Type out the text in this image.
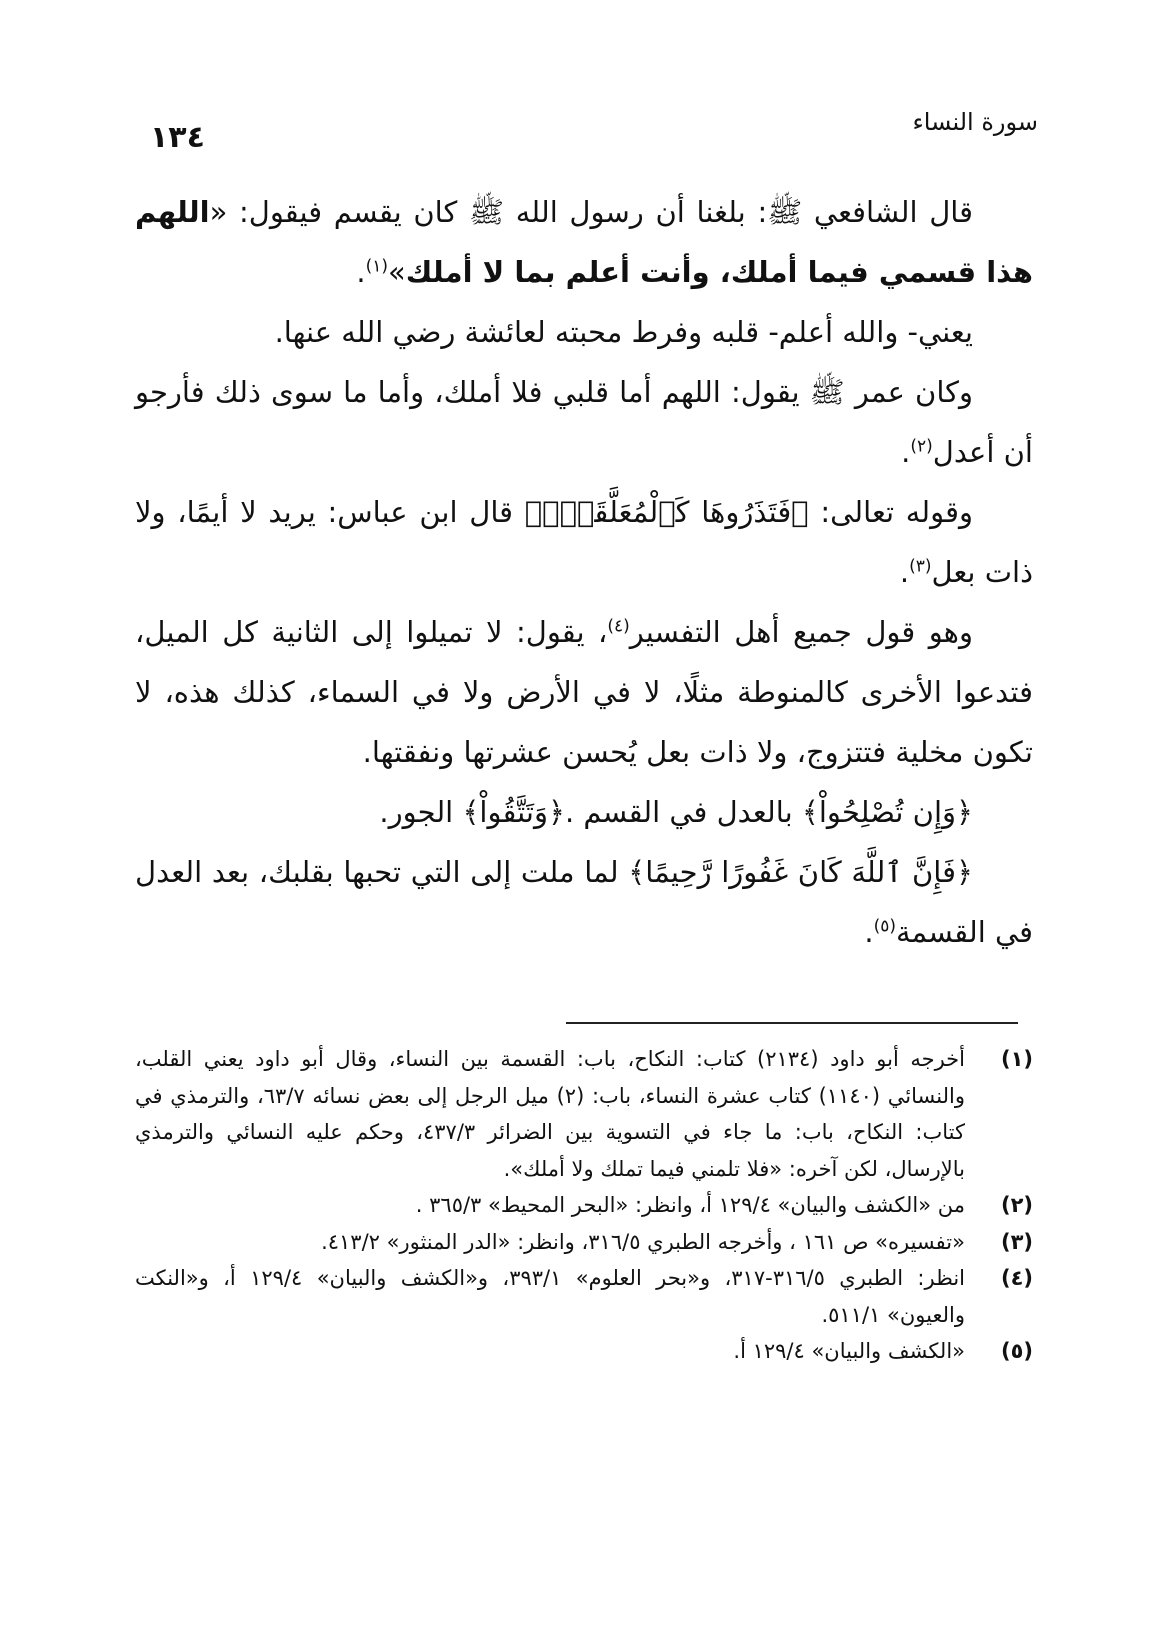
١٣٤	سورة النساء

قال الشافعي ﷺ: بلغنا أن رسول الله ﷺ كان يقسم فيقول: «اللهم هذا قسمي فيما أملك، وأنت أعلم بما لا أملك»$^{(١)}$.

يعني- والله أعلم- قلبه وفرط محبته لعائشة رضي الله عنها.

وكان عمر ﷺ يقول: اللهم أما قلبي فلا أملك، وأما ما سوى ذلك فأرجو أن أعدل$^{(٢)}$.

وقوله تعالى: ﴿فَتَذَرُوهَا كَٱلْمُعَلَّقَةِۚ﴾ قال ابن عباس: يريد لا أيمًا، ولا ذات بعل$^{(٣)}$.

وهو قول جميع أهل التفسير$^{(٤)}$، يقول: لا تميلوا إلى الثانية كل الميل، فتدعوا الأخرى كالمنوطة مثلًا، لا في الأرض ولا في السماء، كذلك هذه، لا تكون مخلية فتتزوج، ولا ذات بعل يُحسن عشرتها ونفقتها.

﴿وَإِن تُصْلِحُواْ﴾ بالعدل في القسم .﴿وَتَتَّقُواْ﴾ الجور.

﴿فَإِنَّ ٱللَّهَ كَانَ غَفُورًا رَّحِيمًا﴾ لما ملت إلى التي تحبها بقلبك، بعد العدل في القسمة$^{(٥)}$.

(١)
أخرجه أبو داود (٢١٣٤) كتاب: النكاح، باب: القسمة بين النساء، وقال أبو داود يعني القلب، والنسائي (١١٤٠) كتاب عشرة النساء، باب: (٢) ميل الرجل إلى بعض نسائه ٦٣/٧، والترمذي في كتاب: النكاح، باب: ما جاء في التسوية بين الضرائر ٤٣٧/٣، وحكم عليه النسائي والترمذي بالإرسال، لكن آخره: «فلا تلمني فيما تملك ولا أملك».

(٢)
من «الكشف والبيان» ١٢٩/٤ أ، وانظر: «البحر المحيط» ٣٦٥/٣ .

(٣)
«تفسيره» ص ١٦١ ، وأخرجه الطبري ٣١٦/٥، وانظر: «الدر المنثور» ٤١٣/٢.

(٤)
انظر: الطبري ٣١٦/٥-٣١٧، و«بحر العلوم» ٣٩٣/١، و«الكشف والبيان» ١٢٩/٤ أ، و«النكت والعيون» ٥١١/١.

(٥)
«الكشف والبيان» ١٢٩/٤ أ.
